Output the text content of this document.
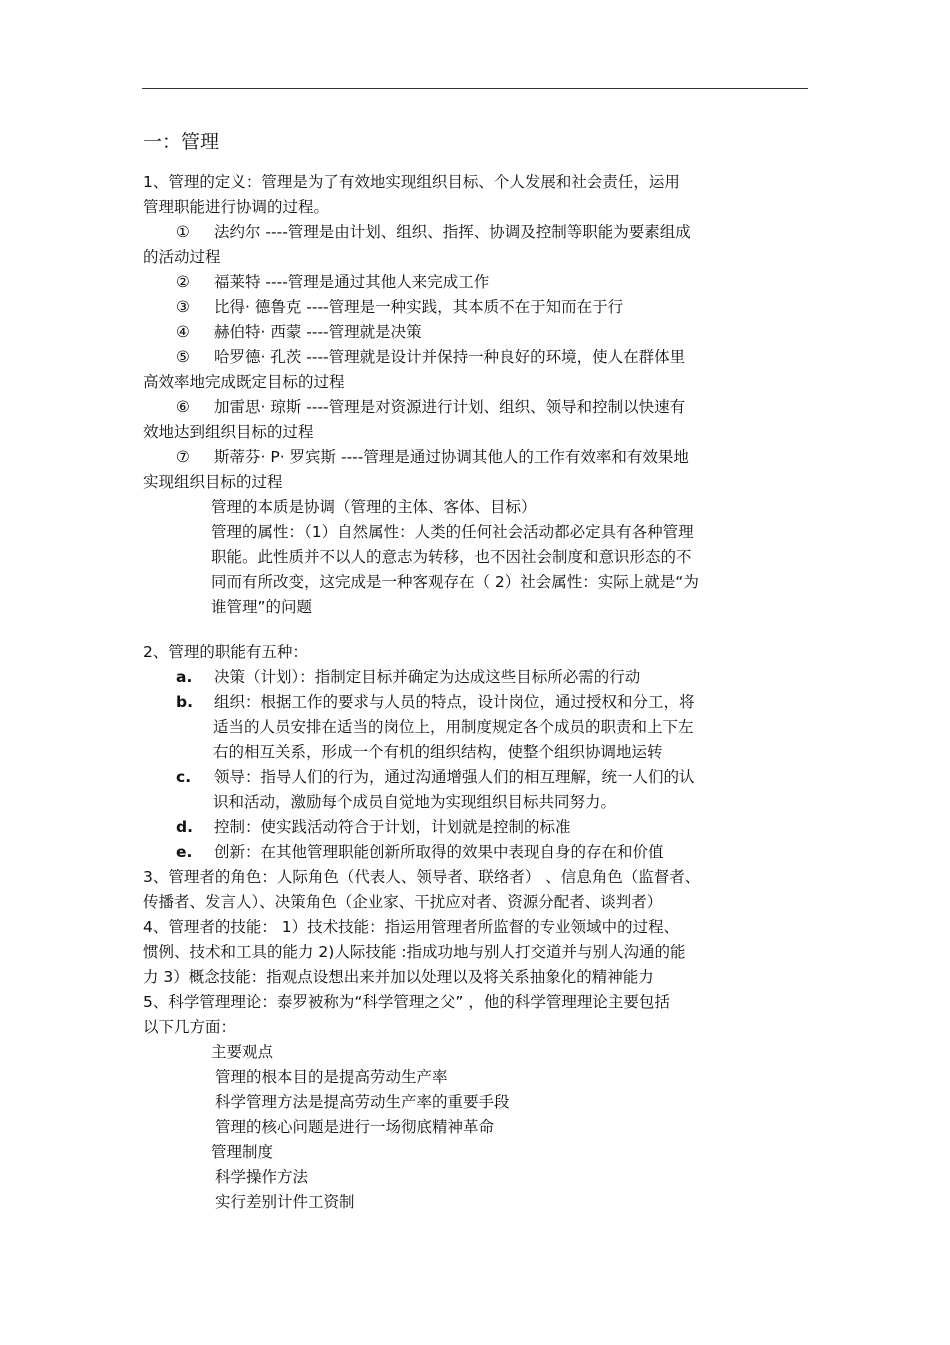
一：管理
1、管理的定义：管理是为了有效地实现组织目标、个人发展和社会责任，运用
管理职能进行协调的过程。
① 法约尔 ----管理是由计划、组织、指挥、协调及控制等职能为要素组成
的活动过程
② 福莱特 ----管理是通过其他人来完成工作
③ 比得· 德鲁克 ----管理是一种实践，其本质不在于知而在于行
④ 赫伯特· 西蒙 ----管理就是决策
⑤ 哈罗德· 孔茨 ----管理就是设计并保持一种良好的环境，使人在群体里
高效率地完成既定目标的过程
⑥ 加雷思· 琼斯 ----管理是对资源进行计划、组织、领导和控制以快速有
效地达到组织目标的过程
⑦ 斯蒂芬· P· 罗宾斯 ----管理是通过协调其他人的工作有效率和有效果地
实现组织目标的过程
管理的本质是协调（管理的主体、客体、目标）
管理的属性：（1）自然属性：人类的任何社会活动都必定具有各种管理
职能。此性质并不以人的意志为转移，也不因社会制度和意识形态的不
同而有所改变，这完成是一种客观存在（ 2）社会属性：实际上就是“为
谁管理”的问题
2、管理的职能有五种：
a. 决策（计划）：指制定目标并确定为达成这些目标所必需的行动
b. 组织：根据工作的要求与人员的特点，设计岗位，通过授权和分工，将
适当的人员安排在适当的岗位上，用制度规定各个成员的职责和上下左
右的相互关系，形成一个有机的组织结构，使整个组织协调地运转
c. 领导：指导人们的行为，通过沟通增强人们的相互理解，统一人们的认
识和活动，激励每个成员自觉地为实现组织目标共同努力。
d. 控制：使实践活动符合于计划，计划就是控制的标准
e. 创新：在其他管理职能创新所取得的效果中表现自身的存在和价值
3、管理者的角色：人际角色（代表人、领导者、联络者） 、信息角色（监督者、
传播者、发言人）、决策角色（企业家、干扰应对者、资源分配者、谈判者）
4、管理者的技能： 1）技术技能：指运用管理者所监督的专业领域中的过程、
惯例、技术和工具的能力 2)人际技能 :指成功地与别人打交道并与别人沟通的能
力 3）概念技能：指观点设想出来并加以处理以及将关系抽象化的精神能力
5、科学管理理论：泰罗被称为“科学管理之父” ，他的科学管理理论主要包括
以下几方面：
主要观点
管理的根本目的是提高劳动生产率
科学管理方法是提高劳动生产率的重要手段
管理的核心问题是进行一场彻底精神革命
管理制度
科学操作方法
实行差别计件工资制
